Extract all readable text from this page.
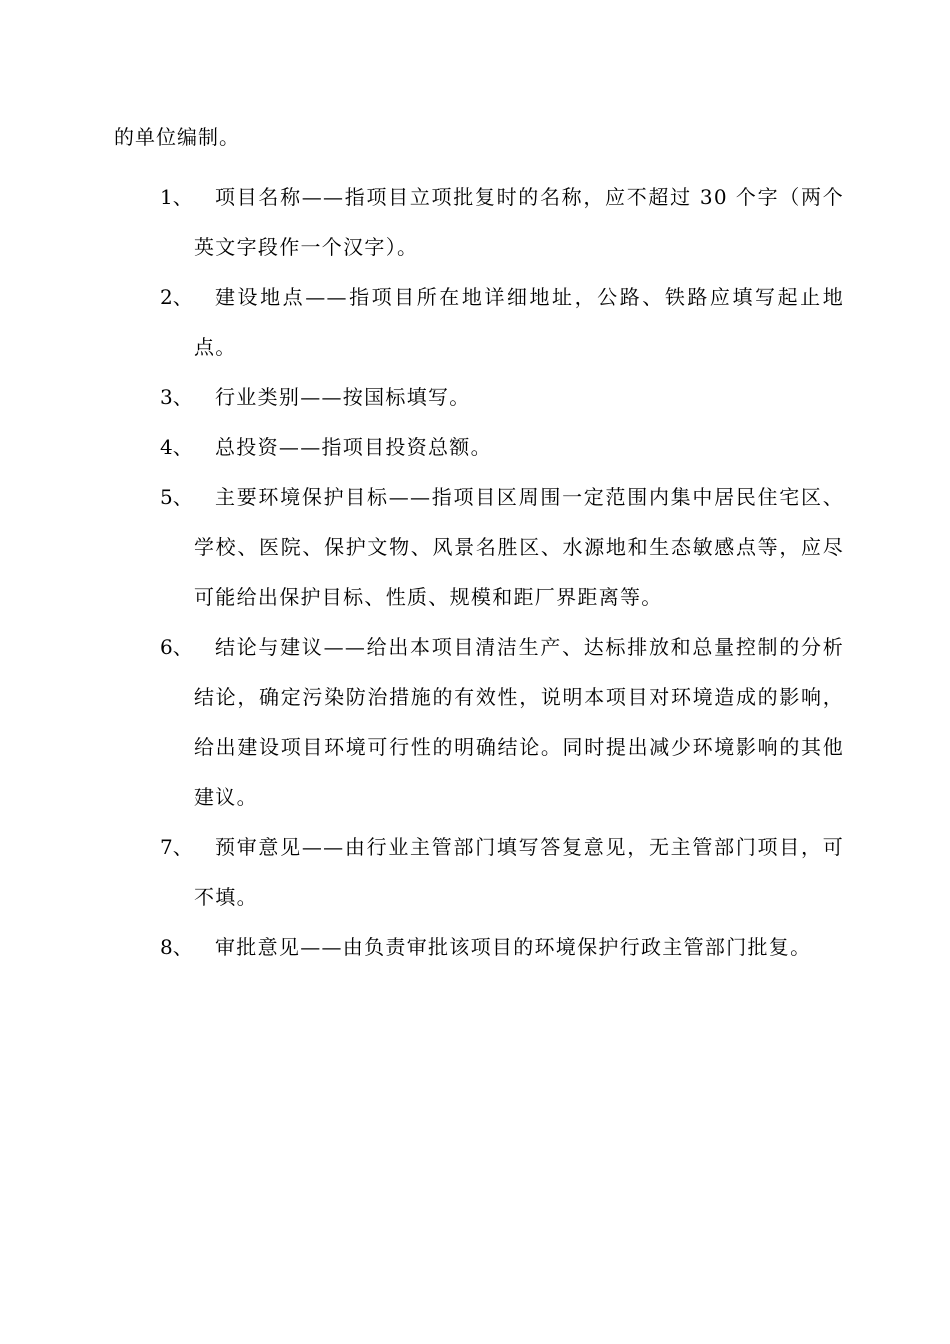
的单位编制。
1、	项目名称——指项目立项批复时的名称，应不超过 30 个字（两个英文字段作一个汉字）。
2、	建设地点——指项目所在地详细地址，公路、铁路应填写起止地点。
3、	行业类别——按国标填写。
4、	总投资——指项目投资总额。
5、	主要环境保护目标——指项目区周围一定范围内集中居民住宅区、学校、医院、保护文物、风景名胜区、水源地和生态敏感点等，应尽可能给出保护目标、性质、规模和距厂界距离等。
6、	结论与建议——给出本项目清洁生产、达标排放和总量控制的分析结论，确定污染防治措施的有效性，说明本项目对环境造成的影响，给出建设项目环境可行性的明确结论。同时提出减少环境影响的其他建议。
7、	预审意见——由行业主管部门填写答复意见，无主管部门项目，可不填。
8、	审批意见——由负责审批该项目的环境保护行政主管部门批复。
